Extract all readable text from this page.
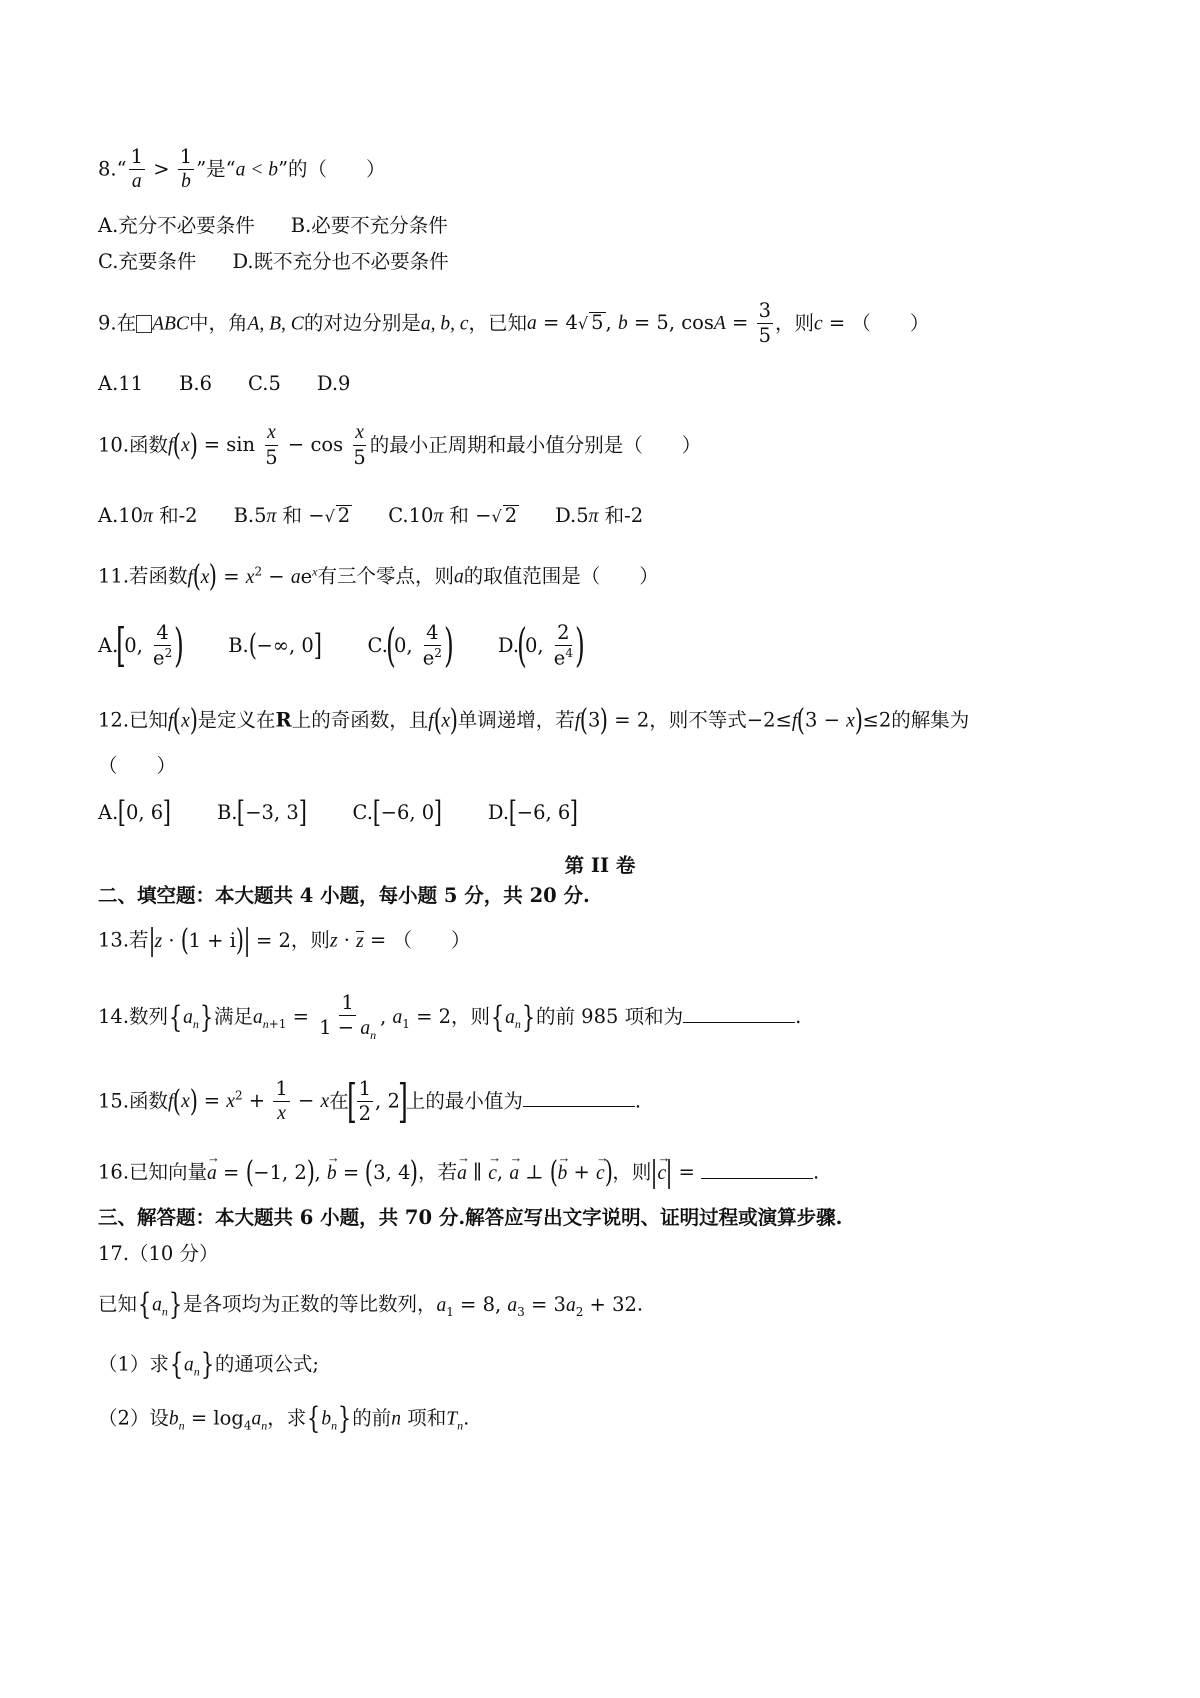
8.“ $\frac{1}{a} > \frac{1}{b}$ ”是“a < b”的（　　）
A.充分不必要条件 B.必要不充分条件
C.充要条件 D.既不充分也不必要条件
9.在 ABC中，角A, B, C的对边分别是a, b, c，已知a = 4√ 5 , b = 5, $\cos A = \frac{3}{5}$ ，则c = （　　）
A.11 B.6 C.5 D.9
10.函数$f(x) = \sin \frac{x}{5} - \cos \frac{x}{5}$ 的最小正周期和最小值分别是（　　）
A.10π 和-2 B.5π 和 −√ 2 C.10π 和 −√ 2 D.5π 和-2
11.若函数$f(x) = x^2 - ae^x$有三个零点，则a的取值范围是（　　）
A.[0, $\frac{4}{e^2}$ ) B.(−∞, 0] C.(0, $\frac{4}{e^2}$ ) D.(0, $\frac{2}{e^4}$ )
12.已知f(x)是定义在R上的奇函数，且f(x)单调递增，若f(3) = 2，则不等式−2≤f(3 − x)≤2的解集为
（　　）
A.[0, 6] B.[−3, 3] C.[−6, 0] D.[−6, 6]
第 II 卷
二、填空题：本大题共 4 小题，每小题 5 分，共 20 分.
13.若|z · (1 + i)| = 2，则z · z = （　　）
14.数列$\{a_n\}$满足$a_{n+1} = \frac{1}{1 - a_n}$ , $a_1 = 2$，则$\{a_n\}$的前 985 项和为	.
15.函数$f(x) = x^2 + \frac{1}{x} - x$在[ $\frac{1}{2}$ , 2]上的最小值为	.
16.已知向量→ a = (−1, 2), → b = (3, 4)，若→ a ∥ → c, → a ⊥ (→ b + → c)，则|→ c| =	.
三、解答题：本大题共 6 小题，共 70 分.解答应写出文字说明、证明过程或演算步骤.
17.（10 分）
已知$\{a_n\}$是各项均为正数的等比数列，$a_1 = 8$, $a_3 = 3a_2 + 32$.
（1）求$\{a_n\}$的通项公式;
（2）设$b_n = \log_4a_n$，求$\{b_n\}$的前n 项和$T_n$.
